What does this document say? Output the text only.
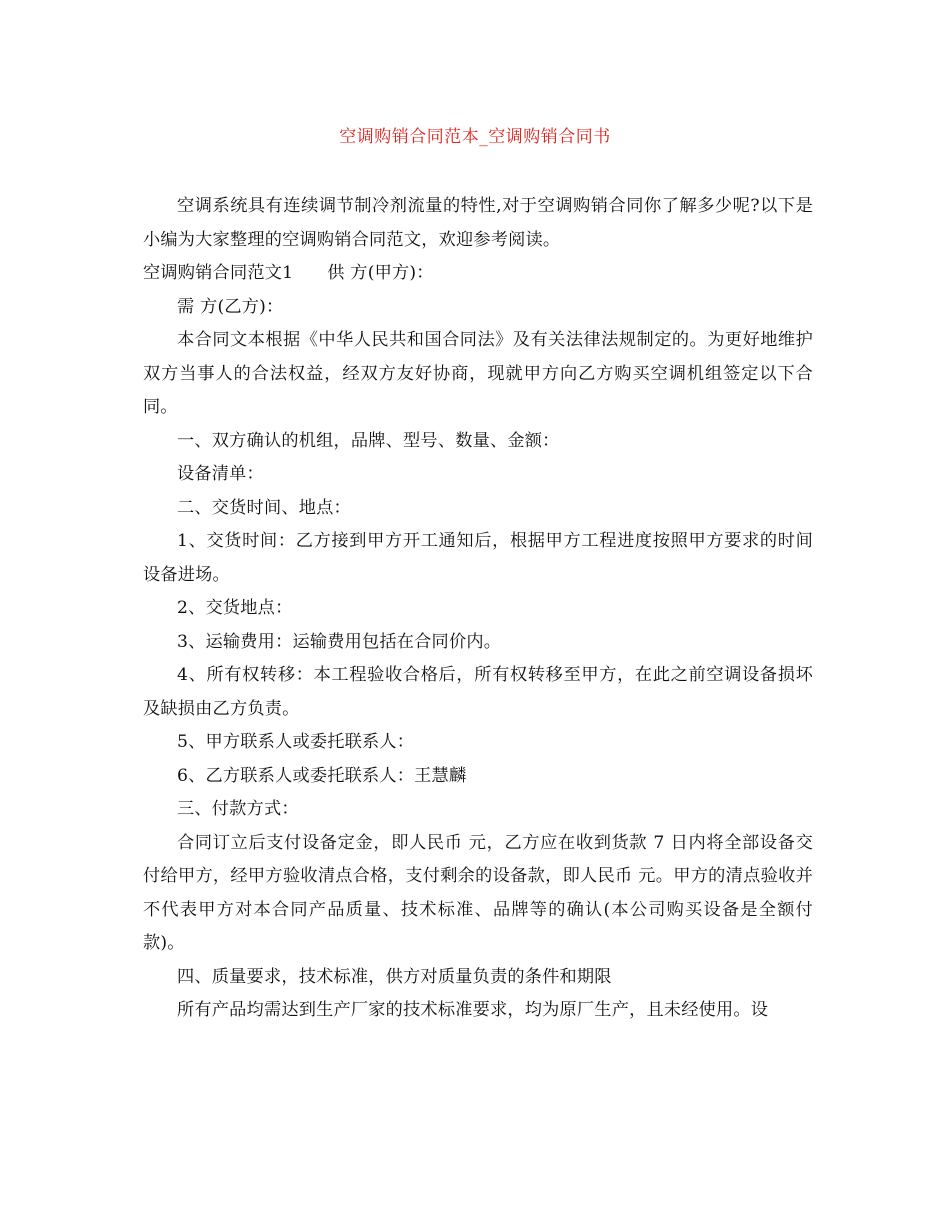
空调购销合同范本_空调购销合同书

空调系统具有连续调节制冷剂流量的特性,对于空调购销合同你了解多少呢?以下是小编为大家整理的空调购销合同范文，欢迎参考阅读。

空调购销合同范文1 供 方(甲方)：

需 方(乙方)：

本合同文本根据《中华人民共和国合同法》及有关法律法规制定的。为更好地维护双方当事人的合法权益，经双方友好协商，现就甲方向乙方购买空调机组签定以下合同。

一、双方确认的机组，品牌、型号、数量、金额：

设备清单：

二、交货时间、地点：

1、交货时间：乙方接到甲方开工通知后，根据甲方工程进度按照甲方要求的时间设备进场。

2、交货地点：

3、运输费用：运输费用包括在合同价内。

4、所有权转移：本工程验收合格后，所有权转移至甲方，在此之前空调设备损坏及缺损由乙方负责。

5、甲方联系人或委托联系人：

6、乙方联系人或委托联系人：王慧麟

三、付款方式：

合同订立后支付设备定金，即人民币 元，乙方应在收到货款 7 日内将全部设备交付给甲方，经甲方验收清点合格，支付剩余的设备款，即人民币 元。甲方的清点验收并不代表甲方对本合同产品质量、技术标准、品牌等的确认(本公司购买设备是全额付款)。

四、质量要求，技术标准，供方对质量负责的条件和期限

所有产品均需达到生产厂家的技术标准要求，均为原厂生产，且未经使用。设
